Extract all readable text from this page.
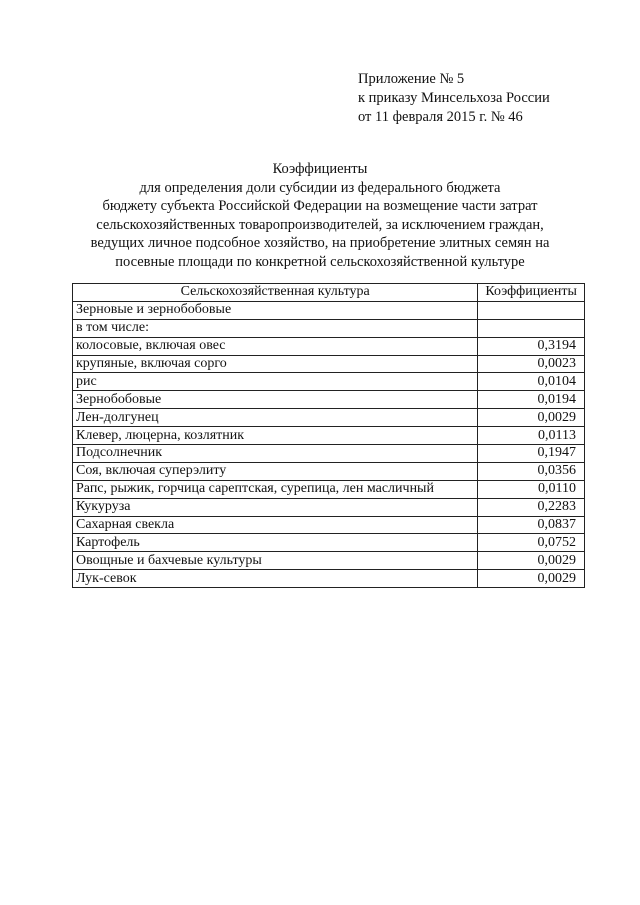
Приложение № 5
к приказу Минсельхоза России
от 11 февраля 2015 г. № 46
Коэффициенты
для определения доли субсидии из федерального бюджета
бюджету субъекта Российской Федерации на возмещение части затрат
сельскохозяйственных товаропроизводителей, за исключением граждан,
ведущих личное подсобное хозяйство, на приобретение элитных семян на
посевные площади по конкретной сельскохозяйственной культуре
Сельскохозяйственная культура	Коэффициенты
Зерновые и зернобобовые	
в том числе:	
колосовые, включая овес	0,3194
крупяные, включая сорго	0,0023
рис	0,0104
Зернобобовые	0,0194
Лен-долгунец	0,0029
Клевер, люцерна, козлятник	0,0113
Подсолнечник	0,1947
Соя, включая суперэлиту	0,0356
Рапс, рыжик, горчица сарептская, сурепица, лен масличный	0,0110
Кукуруза	0,2283
Сахарная свекла	0,0837
Картофель	0,0752
Овощные и бахчевые культуры	0,0029
Лук-севок	0,0029
